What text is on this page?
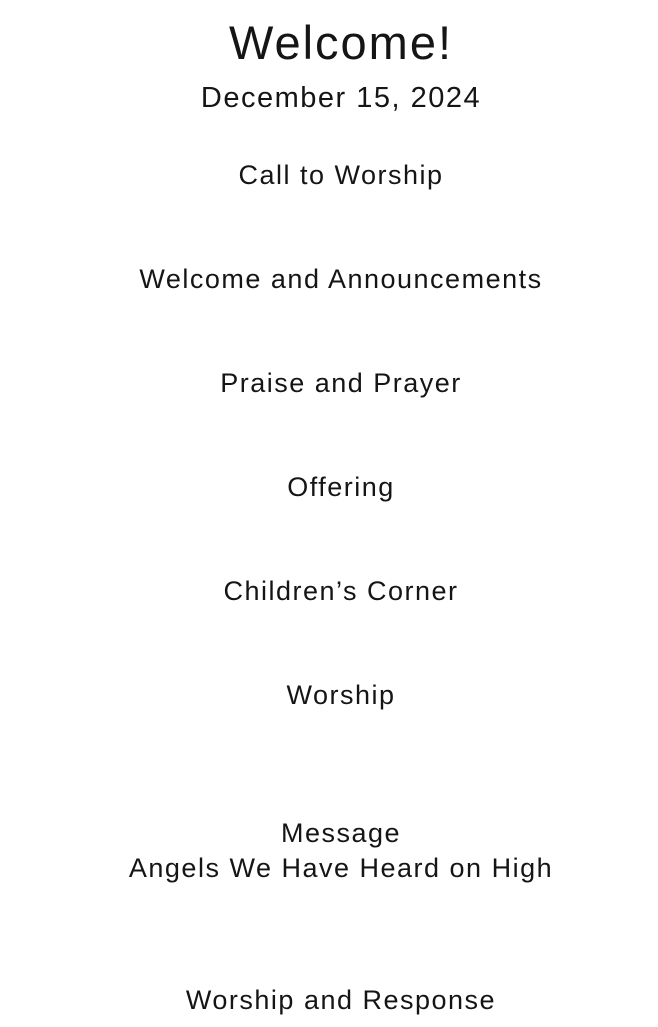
Welcome!
December 15, 2024
Call to Worship
Welcome and Announcements
Praise and Prayer
Offering
Children’s Corner
Worship
Message
Angels We Have Heard on High
Worship and Response
